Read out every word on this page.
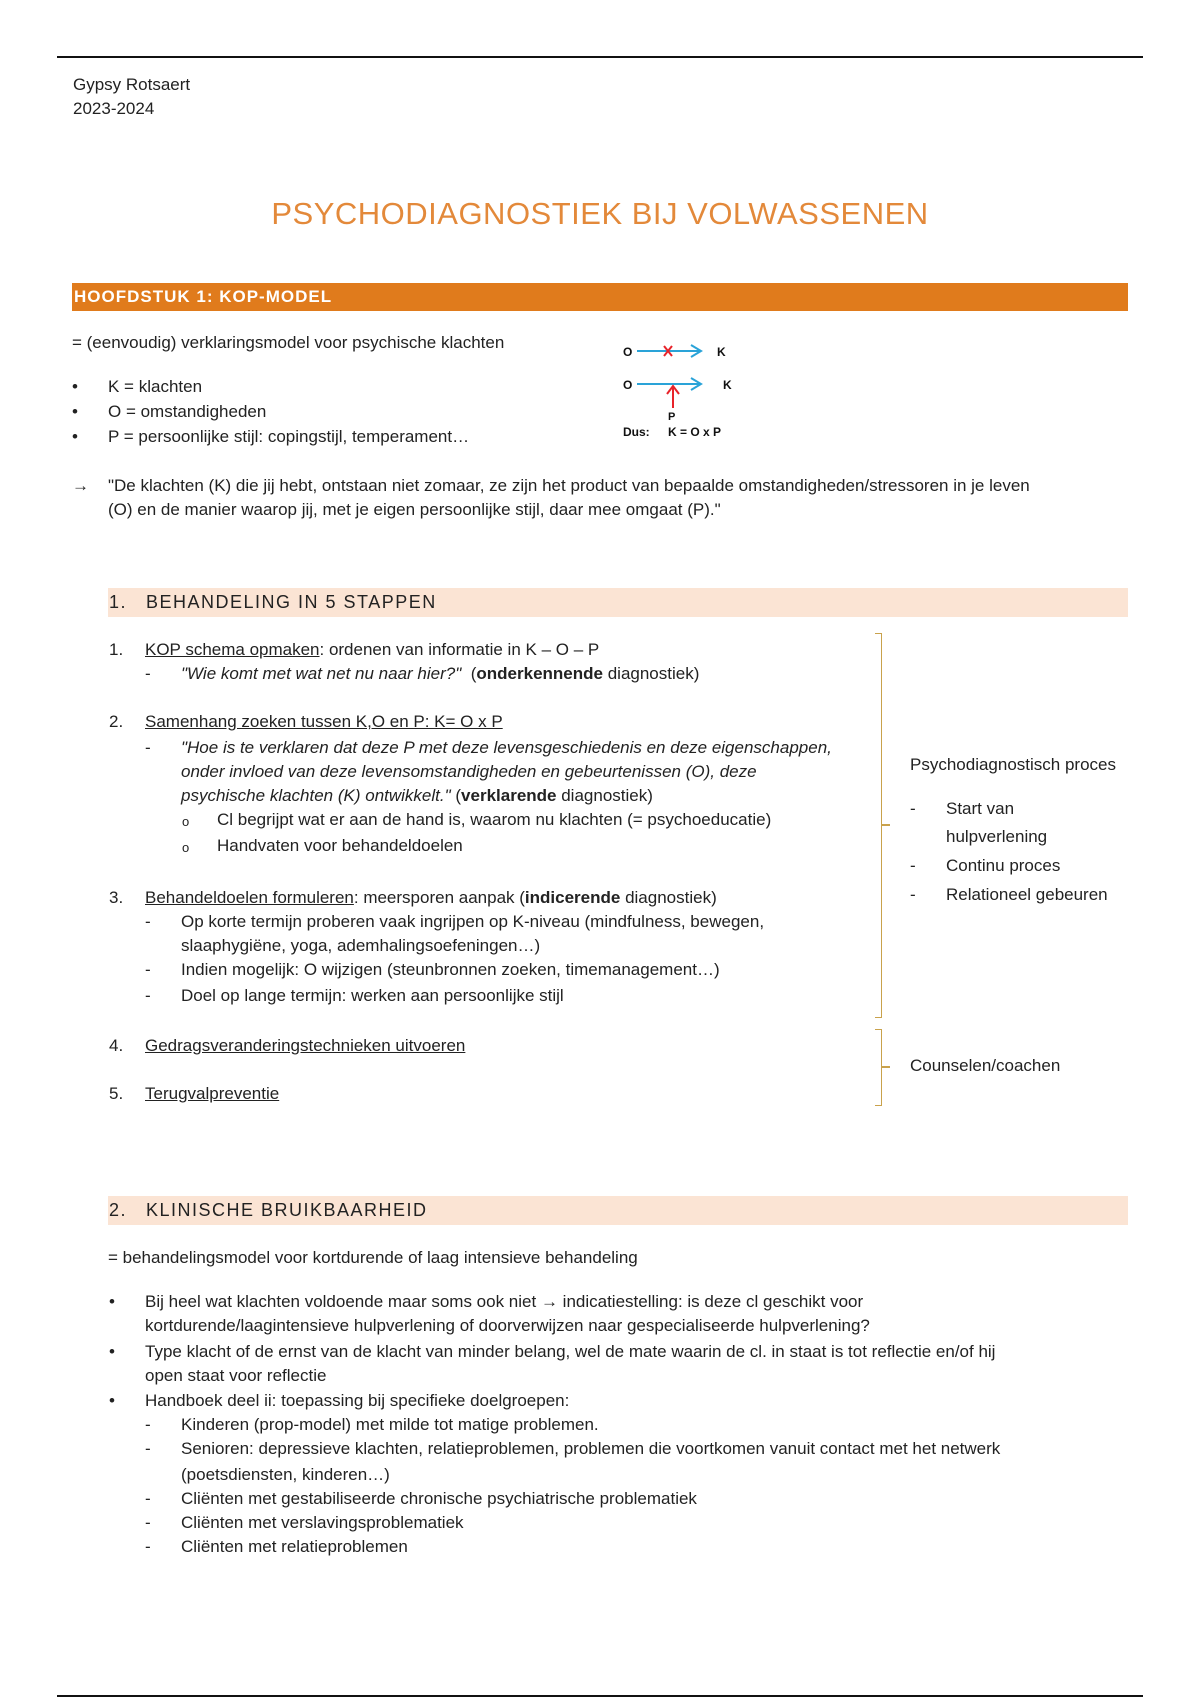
Gypsy Rotsaert
2023-2024
PSYCHODIAGNOSTIEK BIJ VOLWASSENEN
HOOFDSTUK 1: KOP-MODEL
= (eenvoudig) verklaringsmodel voor psychische klachten
• K = klachten
• O = omstandigheden
• P = persoonlijke stijl: copingstijl, temperament…
O	K
O	K
P
Dus: K = O x P
→ "De klachten (K) die jij hebt, ontstaan niet zomaar, ze zijn het product van bepaalde omstandigheden/stressoren in je leven
(O) en de manier waarop jij, met je eigen persoonlijke stijl, daar mee omgaat (P)."
1. BEHANDELING IN 5 STAPPEN
1. KOP schema opmaken: ordenen van informatie in K – O – P
- "Wie komt met wat net nu naar hier?" (onderkennende diagnostiek)
2. Samenhang zoeken tussen K,O en P: K= O x P
- "Hoe is te verklaren dat deze P met deze levensgeschiedenis en deze eigenschappen,
onder invloed van deze levensomstandigheden en gebeurtenissen (O), deze
psychische klachten (K) ontwikkelt." (verklarende diagnostiek)
o Cl begrijpt wat er aan de hand is, waarom nu klachten (= psychoeducatie)
o Handvaten voor behandeldoelen
3. Behandeldoelen formuleren: meersporen aanpak (indicerende diagnostiek)
- Op korte termijn proberen vaak ingrijpen op K-niveau (mindfulness, bewegen,
slaaphygiëne, yoga, ademhalingsoefeningen…)
- Indien mogelijk: O wijzigen (steunbronnen zoeken, timemanagement…)
- Doel op lange termijn: werken aan persoonlijke stijl
4. Gedragsveranderingstechnieken uitvoeren
5. Terugvalpreventie
Psychodiagnostisch proces
- Start van
hulpverlening
- Continu proces
- Relationeel gebeuren
Counselen/coachen
2. KLINISCHE BRUIKBAARHEID
= behandelingsmodel voor kortdurende of laag intensieve behandeling
• Bij heel wat klachten voldoende maar soms ook niet → indicatiestelling: is deze cl geschikt voor
kortdurende/laagintensieve hulpverlening of doorverwijzen naar gespecialiseerde hulpverlening?
• Type klacht of de ernst van de klacht van minder belang, wel de mate waarin de cl. in staat is tot reflectie en/of hij
open staat voor reflectie
• Handboek deel ii: toepassing bij specifieke doelgroepen:
- Kinderen (prop-model) met milde tot matige problemen.
- Senioren: depressieve klachten, relatieproblemen, problemen die voortkomen vanuit contact met het netwerk
(poetsdiensten, kinderen…)
- Cliënten met gestabiliseerde chronische psychiatrische problematiek
- Cliënten met verslavingsproblematiek
- Cliënten met relatieproblemen
